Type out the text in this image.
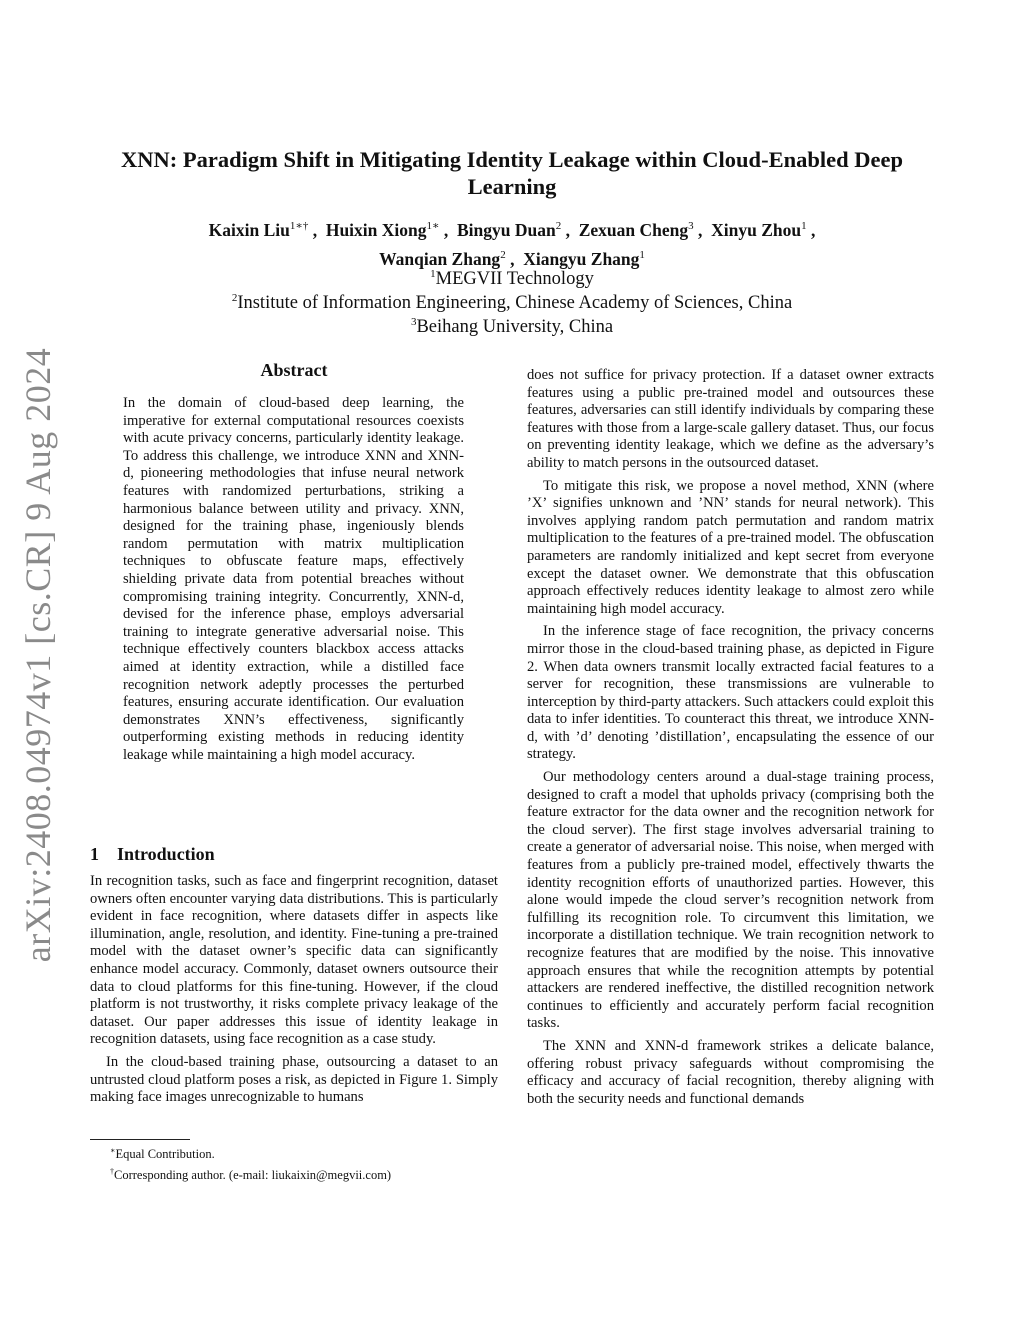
arXiv:2408.04974v1 [cs.CR] 9 Aug 2024
XNN: Paradigm Shift in Mitigating Identity Leakage within Cloud-Enabled Deep Learning
Kaixin Liu$^{1∗\dagger}$ ,  Huixin Xiong$^{1∗}$ ,  Bingyu Duan$^2$ ,  Zexuan Cheng$^3$ ,  Xinyu Zhou$^1$ ,
Wanqian Zhang$^2$ ,  Xiangyu Zhang$^1$
$^1$MEGVII Technology
$^2$Institute of Information Engineering, Chinese Academy of Sciences, China
$^3$Beihang University, China
Abstract
In the domain of cloud-based deep learning, the imperative for external computational resources coexists with acute privacy concerns, particularly identity leakage. To address this challenge, we introduce XNN and XNN-d, pioneering methodologies that infuse neural network features with randomized perturbations, striking a harmonious balance between utility and privacy. XNN, designed for the training phase, ingeniously blends random permutation with matrix multiplication techniques to obfuscate feature maps, effectively shielding private data from potential breaches without compromising training integrity. Concurrently, XNN-d, devised for the inference phase, employs adversarial training to integrate generative adversarial noise. This technique effectively counters blackbox access attacks aimed at identity extraction, while a distilled face recognition network adeptly processes the perturbed features, ensuring accurate identification. Our evaluation demonstrates XNN’s effectiveness, significantly outperforming existing methods in reducing identity leakage while maintaining a high model accuracy.
1 Introduction

In recognition tasks, such as face and fingerprint recognition, dataset owners often encounter varying data distributions. This is particularly evident in face recognition, where datasets differ in aspects like illumination, angle, resolution, and identity. Fine-tuning a pre-trained model with the dataset owner’s specific data can significantly enhance model accuracy. Commonly, dataset owners outsource their data to cloud platforms for this fine-tuning. However, if the cloud platform is not trustworthy, it risks complete privacy leakage of the dataset. Our paper addresses this issue of identity leakage in recognition datasets, using face recognition as a case study.

In the cloud-based training phase, outsourcing a dataset to an untrusted cloud platform poses a risk, as depicted in Figure 1. Simply making face images unrecognizable to humans

does not suffice for privacy protection. If a dataset owner extracts features using a public pre-trained model and outsources these features, adversaries can still identify individuals by comparing these features with those from a large-scale gallery dataset. Thus, our focus on preventing identity leakage, which we define as the adversary’s ability to match persons in the outsourced dataset.

To mitigate this risk, we propose a novel method, XNN (where ’X’ signifies unknown and ’NN’ stands for neural network). This involves applying random patch permutation and random matrix multiplication to the features of a pre-trained model. The obfuscation parameters are randomly initialized and kept secret from everyone except the dataset owner. We demonstrate that this obfuscation approach effectively reduces identity leakage to almost zero while maintaining high model accuracy.

In the inference stage of face recognition, the privacy concerns mirror those in the cloud-based training phase, as depicted in Figure 2. When data owners transmit locally extracted facial features to a server for recognition, these transmissions are vulnerable to interception by third-party attackers. Such attackers could exploit this data to infer identities. To counteract this threat, we introduce XNN-d, with ’d’ denoting ’distillation’, encapsulating the essence of our strategy.

Our methodology centers around a dual-stage training process, designed to craft a model that upholds privacy (comprising both the feature extractor for the data owner and the recognition network for the cloud server). The first stage involves adversarial training to create a generator of adversarial noise. This noise, when merged with features from a publicly pre-trained model, effectively thwarts the identity recognition efforts of unauthorized parties. However, this alone would impede the cloud server’s recognition network from fulfilling its recognition role. To circumvent this limitation, we incorporate a distillation technique. We train recognition network to recognize features that are modified by the noise. This innovative approach ensures that while the recognition attempts by potential attackers are rendered ineffective, the distilled recognition network continues to efficiently and accurately perform facial recognition tasks.

The XNN and XNN-d framework strikes a delicate balance, offering robust privacy safeguards without compromising the efficacy and accuracy of facial recognition, thereby aligning with both the security needs and functional demands

∗Equal Contribution.
†Corresponding author. (e-mail: liukaixin@megvii.com)
